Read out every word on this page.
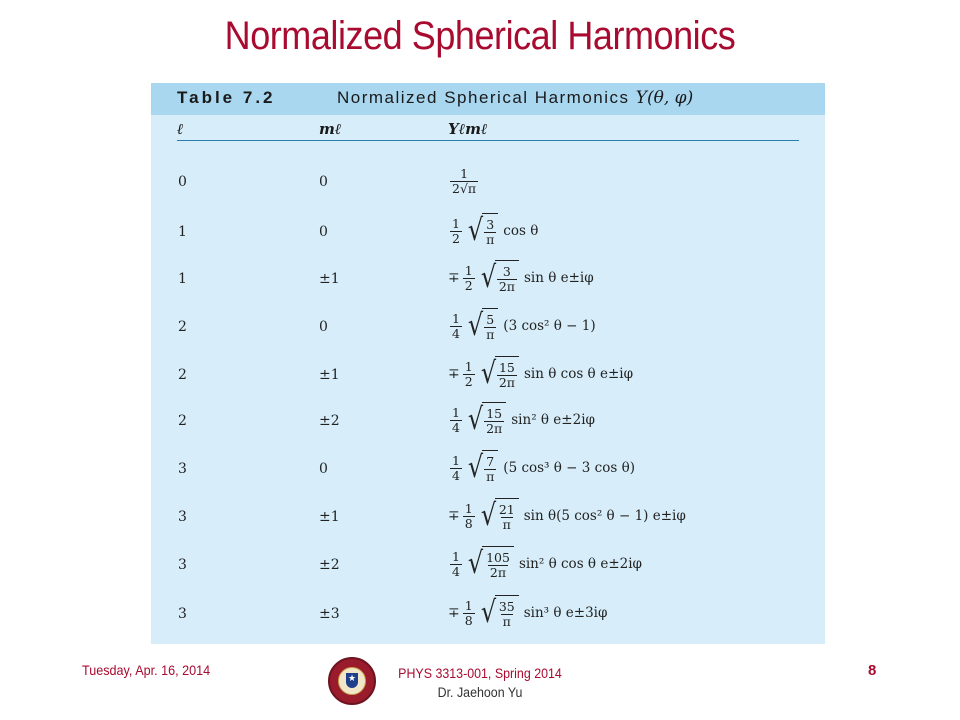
Normalized Spherical Harmonics
Table 7.2	Normalized Spherical Harmonics Y(θ, φ)
ℓ	mℓ	Yℓmℓ
0	0	$\frac{1}{2√\pi}$
1	0	$\frac{1}{2}$ √ $\frac{3}{\pi}$ cos θ
1	±1	∓ $\frac{1}{2}$ √ $\frac{3}{2\pi}$ sin θ e±iφ
2	0	$\frac{1}{4}$ √ $\frac{5}{\pi} (3$ cos² θ − 1)
2	±1	∓ $\frac{1}{2}$ √ $\frac{15}{2\pi}$ sin θ cos θ e±iφ
2	±2	$\frac{1}{4}$ √ $\frac{15}{2\pi} \sin^2$ θ e±2iφ
3	0	$\frac{1}{4}$ √ $\frac{7}{\pi} (5$ cos³ θ − 3 cos θ)
3	±1	∓ $\frac{1}{8}$ √ $\frac{21}{\pi}$ sin θ(5 cos² θ − 1) e±iφ
3	±2	$\frac{1}{4}$ √ $\frac{105}{2\pi} \sin^2$ θ cos θ e±2iφ
3	±3	∓ $\frac{1}{8}$ √ $\frac{35}{\pi} \sin^3$ θ e±3iφ
Tuesday, Apr. 16, 2014	★	PHYS 3313-001, Spring 2014
Dr. Jaehoon Yu
8
